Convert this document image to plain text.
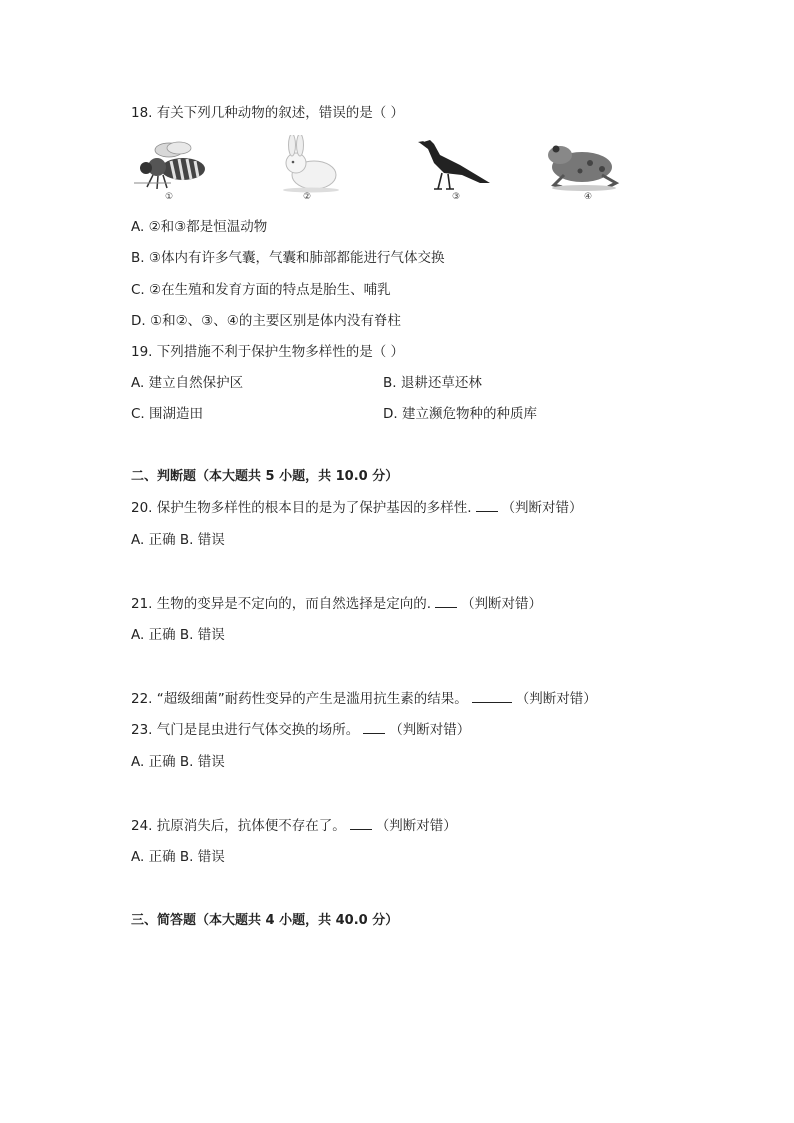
18. 有关下列几种动物的叙述，错误的是（ ）
①	②	③	④
A. ②和③都是恒温动物
B. ③体内有许多气囊，气囊和肺部都能进行气体交换
C. ②在生殖和发育方面的特点是胎生、哺乳
D. ①和②、③、④的主要区别是体内没有脊柱
19. 下列措施不利于保护生物多样性的是（ ）
A. 建立自然保护区	B. 退耕还草还林
C. 围湖造田	D. 建立濒危物种的种质库
二、判断题（本大题共 5 小题，共 10.0 分）
20. 保护生物多样性的根本目的是为了保护基因的多样性. （判断对错）
A. 正确 B. 错误
21. 生物的变异是不定向的，而自然选择是定向的. （判断对错）
A. 正确 B. 错误
22. “超级细菌”耐药性变异的产生是滥用抗生素的结果。	（判断对错）
23. 气门是昆虫进行气体交换的场所。 （判断对错）
A. 正确 B. 错误
24. 抗原消失后，抗体便不存在了。 （判断对错）
A. 正确 B. 错误
三、简答题（本大题共 4 小题，共 40.0 分）
